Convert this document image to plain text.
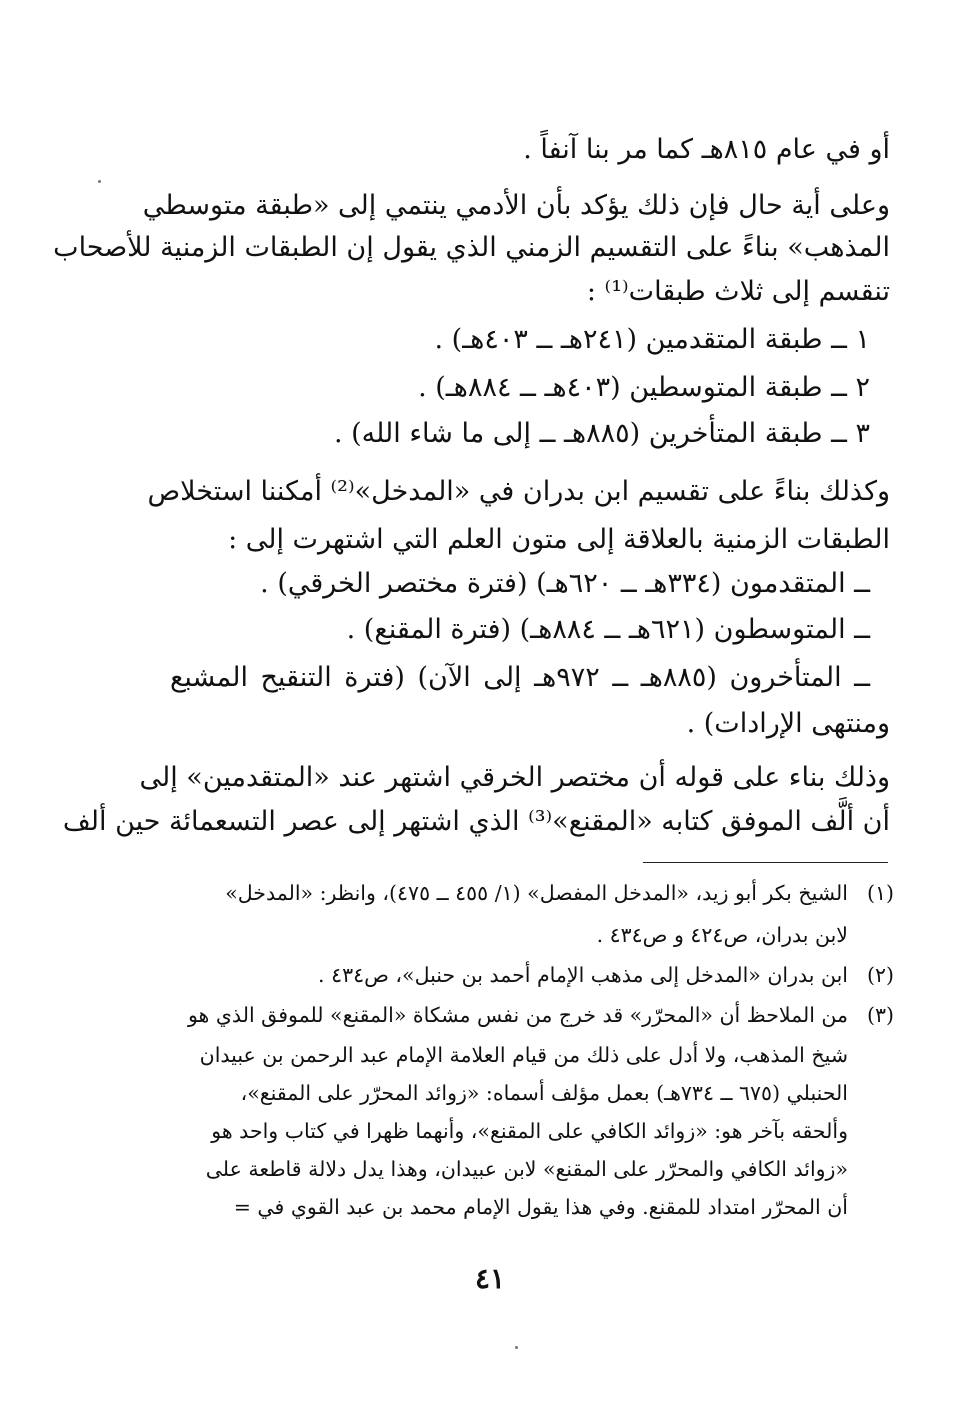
أو في عام ٨١٥هـ كما مر بنا آنفاً .
وعلى أية حال فإن ذلك يؤكد بأن الأدمي ينتمي إلى «طبقة متوسطي
المذهب» بناءً على التقسيم الزمني الذي يقول إن الطبقات الزمنية للأصحاب
تنقسم إلى ثلاث طبقات⁽¹⁾ :
١ ــ طبقة المتقدمين (٢٤١هـ ــ ٤٠٣هـ) .
٢ ــ طبقة المتوسطين (٤٠٣هـ ــ ٨٨٤هـ) .
٣ ــ طبقة المتأخرين (٨٨٥هـ ــ إلى ما شاء الله) .
وكذلك بناءً على تقسيم ابن بدران في «المدخل»⁽²⁾ أمكننا استخلاص
الطبقات الزمنية بالعلاقة إلى متون العلم التي اشتهرت إلى :
ــ المتقدمون (٣٣٤هـ ــ ٦٢٠هـ) (فترة مختصر الخرقي) .
ــ المتوسطون (٦٢١هـ ــ ٨٨٤هـ) (فترة المقنع) .
ــ المتأخرون (٨٨٥هـ ــ ٩٧٢هـ إلى الآن) (فترة التنقيح المشبع
ومنتهى الإرادات) .
وذلك بناء على قوله أن مختصر الخرقي اشتهر عند «المتقدمين» إلى
أن ألَّف الموفق كتابه «المقنع»⁽³⁾ الذي اشتهر إلى عصر التسعمائة حين ألف
(١)
الشيخ بكر أبو زيد، «المدخل المفصل» (١/ ٤٥٥ ــ ٤٧٥)، وانظر: «المدخل»
لابن بدران، ص٤٢٤ و ص٤٣٤ .
(٢)
ابن بدران «المدخل إلى مذهب الإمام أحمد بن حنبل»، ص٤٣٤ .
(٣)
من الملاحظ أن «المحرّر» قد خرج من نفس مشكاة «المقنع» للموفق الذي هو
شيخ المذهب، ولا أدل على ذلك من قيام العلامة الإمام عبد الرحمن بن عبيدان
الحنبلي (٦٧٥ ــ ٧٣٤هـ) بعمل مؤلف أسماه: «زوائد المحرّر على المقنع»،
وألحقه بآخر هو: «زوائد الكافي على المقنع»، وأنهما ظهرا في كتاب واحد هو
«زوائد الكافي والمحرّر على المقنع» لابن عبيدان، وهذا يدل دلالة قاطعة على
أن المحرّر امتداد للمقنع. وفي هذا يقول الإمام محمد بن عبد القوي في =
٤١
